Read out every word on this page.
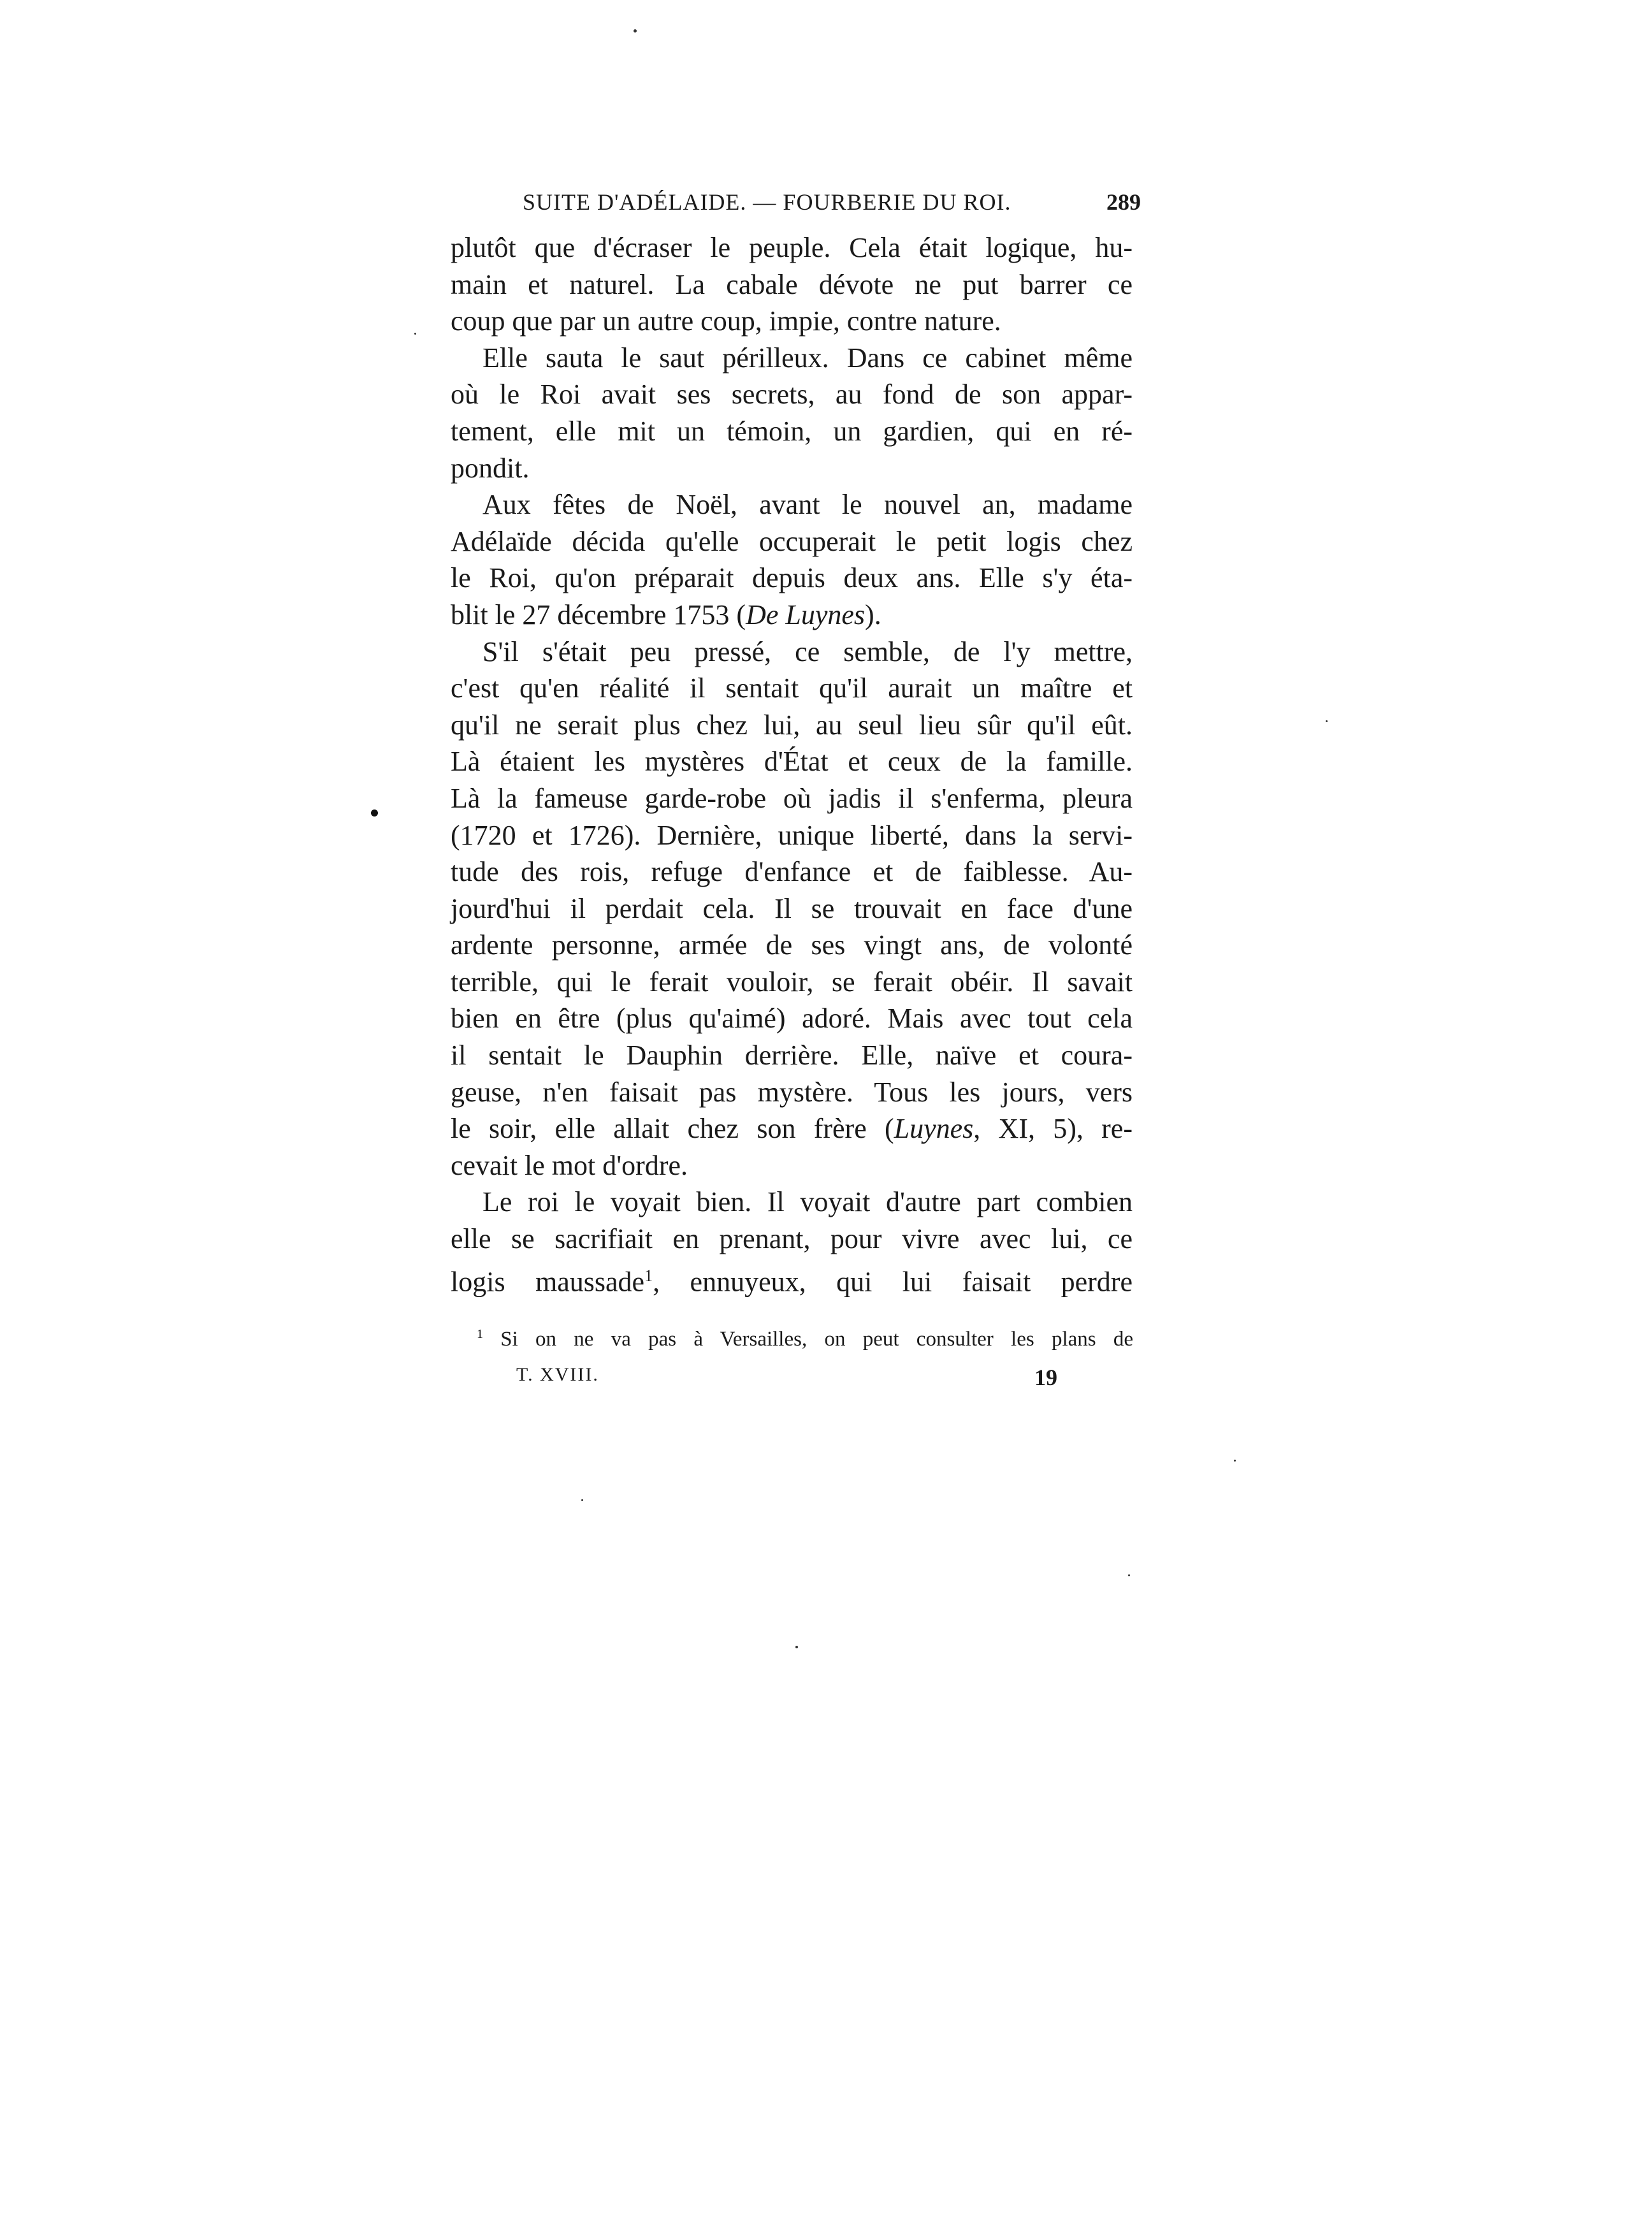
SUITE D'ADÉLAIDE. — FOURBERIE DU ROI.	289
plutôt que d'écraser le peuple. Cela était logique, hu-
main et naturel. La cabale dévote ne put barrer ce
coup que par un autre coup, impie, contre nature.
Elle sauta le saut périlleux. Dans ce cabinet même
où le Roi avait ses secrets, au fond de son appar-
tement, elle mit un témoin, un gardien, qui en ré-
pondit.
Aux fêtes de Noël, avant le nouvel an, madame
Adélaïde décida qu'elle occuperait le petit logis chez
le Roi, qu'on préparait depuis deux ans. Elle s'y éta-
blit le 27 décembre 1753 (De Luynes).
S'il s'était peu pressé, ce semble, de l'y mettre,
c'est qu'en réalité il sentait qu'il aurait un maître et
qu'il ne serait plus chez lui, au seul lieu sûr qu'il eût.
Là étaient les mystères d'État et ceux de la famille.
Là la fameuse garde-robe où jadis il s'enferma, pleura
(1720 et 1726). Dernière, unique liberté, dans la servi-
tude des rois, refuge d'enfance et de faiblesse. Au-
jourd'hui il perdait cela. Il se trouvait en face d'une
ardente personne, armée de ses vingt ans, de volonté
terrible, qui le ferait vouloir, se ferait obéir. Il savait
bien en être (plus qu'aimé) adoré. Mais avec tout cela
il sentait le Dauphin derrière. Elle, naïve et coura-
geuse, n'en faisait pas mystère. Tous les jours, vers
le soir, elle allait chez son frère (Luynes, XI, 5), re-
cevait le mot d'ordre.
Le roi le voyait bien. Il voyait d'autre part combien
elle se sacrifiait en prenant, pour vivre avec lui, ce
logis maussade$^1$, ennuyeux, qui lui faisait perdre
$^1$ Si on ne va pas à Versailles, on peut consulter les plans de
T. XVIII.	19
